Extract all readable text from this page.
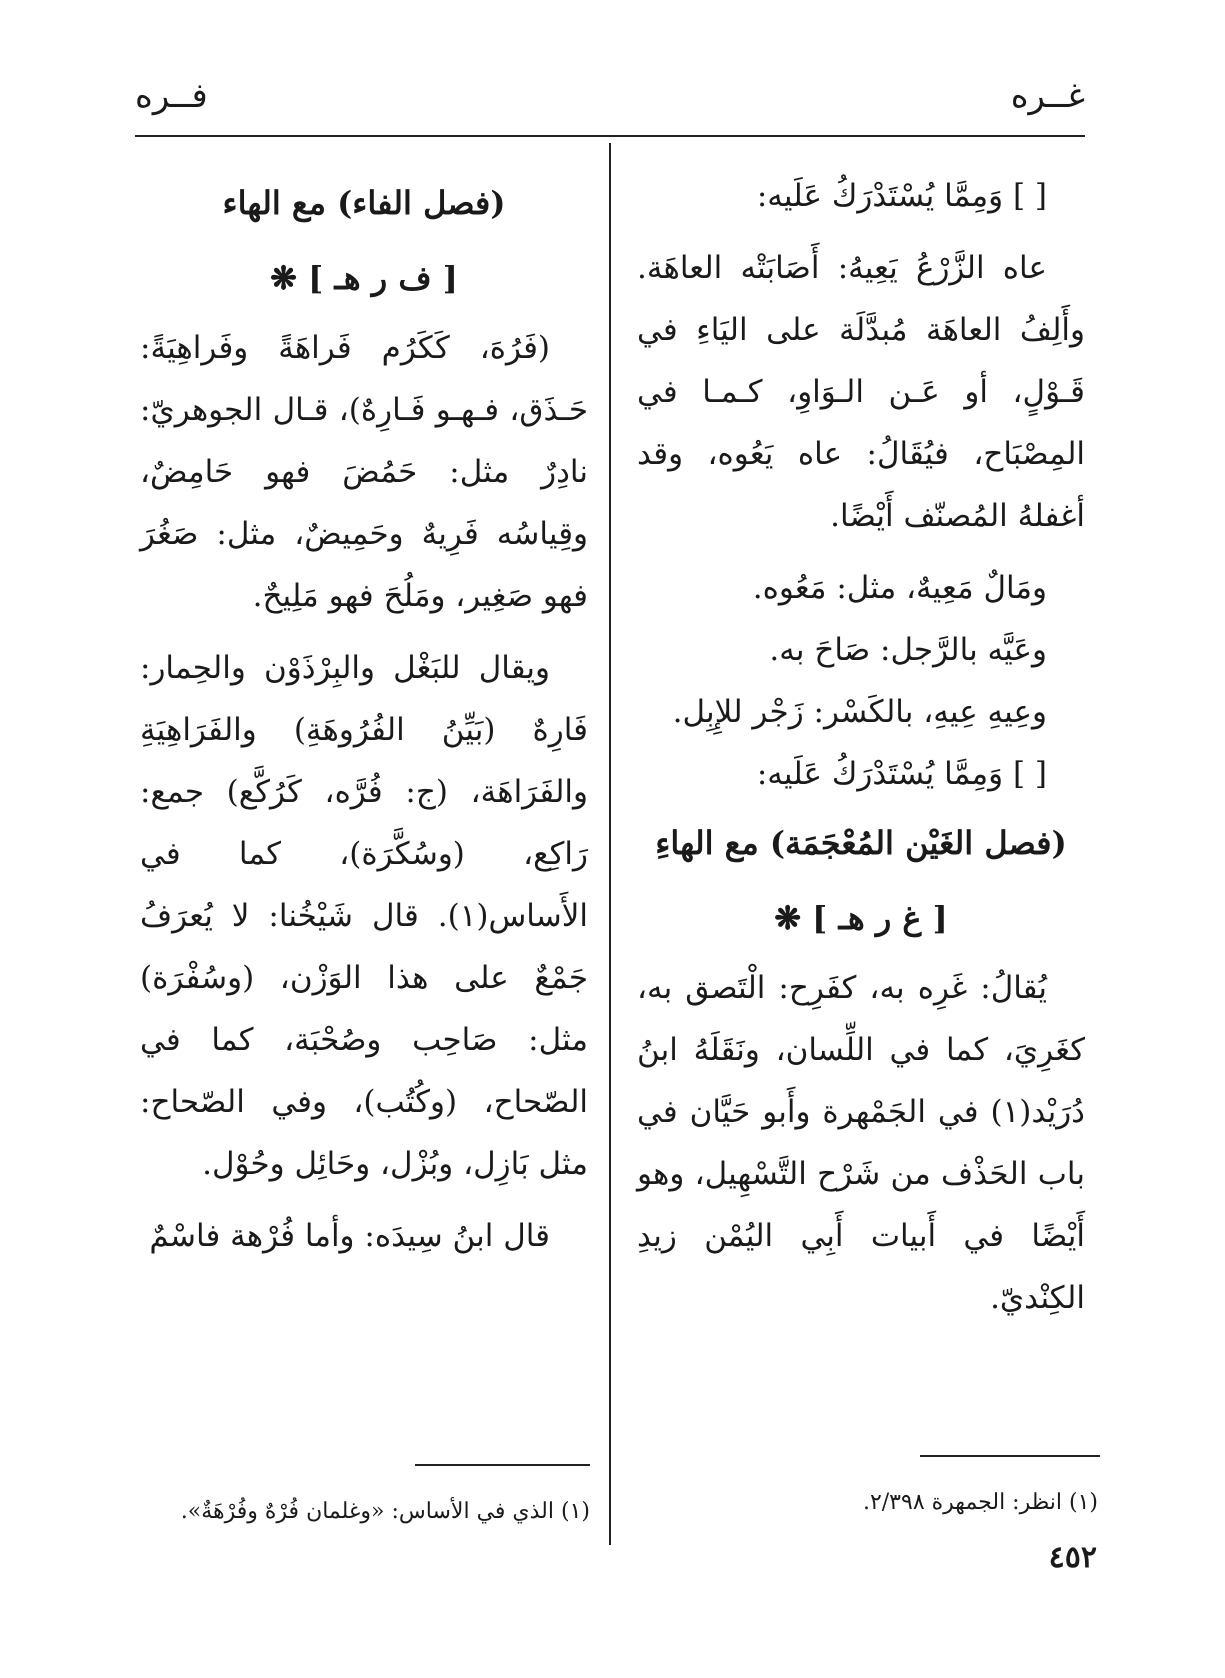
غــره
فــره

[ ] وَمِمَّا يُسْتَدْرَكُ عَلَيه:

عاه الزَّرْعُ يَعِيهُ: أَصَابَتْه العاهَة. وأَلِفُ العاهَة مُبدَّلَة على اليَاءِ في قَـوْلٍ، أو عَـن الـوَاوِ، كـمـا في المِصْبَاح، فيُقَالُ: عاه يَعُوه، وقد أغفلهُ المُصنّف أَيْضًا.

ومَالٌ مَعِيهٌ، مثل: مَعُوه.

وعَيَّه بالرَّجل: صَاحَ به.

وعِيهِ عِيهِ، بالكَسْر: زَجْر للإِبِل.

[ ] وَمِمَّا يُسْتَدْرَكُ عَلَيه:

(فصل الغَيْن المُعْجَمَة) مع الهاءِ
[ غ ر هـ ] ❋

يُقالُ: غَرِه به، كفَرِح: الْتَصق به، كغَرِيَ، كما في اللِّسان، ونَقَلَهُ ابنُ دُرَيْد(١) في الجَمْهرة وأَبو حَيَّان في باب الحَذْف من شَرْح التَّسْهِيل، وهو أَيْضًا في أَبيات أَبِي اليُمْن زيدِ الكِنْديّ.

(فصل الفاء) مع الهاء
[ ف ر هـ ] ❋

(فَرُهَ، كَكَرُم فَراهَةً وفَراهِيَةً: حَـذَق، فـهـو فَـارِهٌ)، قـال الجوهريّ: نادِرٌ مثل: حَمُضَ فهو حَامِضٌ، وقِياسُه فَرِيهٌ وحَمِيضٌ، مثل: صَغُرَ فهو صَغِير، ومَلُحَ فهو مَلِيحٌ.

ويقال للبَغْل والبِرْذَوْن والحِمار: فَارِهٌ (بَيِّنُ الفُرُوهَةِ) والفَرَاهِيَةِ والفَرَاهَة، (ج: فُرَّه، كَرُكَّع) جمع: رَاكِع، (وسُكَّرَة)، كما في الأَساس(١). قال شَيْخُنا: لا يُعرَفُ جَمْعٌ على هذا الوَزْن، (وسُفْرَة) مثل: صَاحِب وصُحْبَة، كما في الصّحاح، (وكُتُب)، وفي الصّحاح: مثل بَازِل، وبُزْل، وحَائِل وحُوْل.

قال ابنُ سِيدَه: وأما فُرْهة فاسْمٌ

(١) انظر: الجمهرة ٢/٣٩٨.
(١) الذي في الأساس: «وغلمان فُرْهٌ وفُرْهَةٌ».
٤٥٢
